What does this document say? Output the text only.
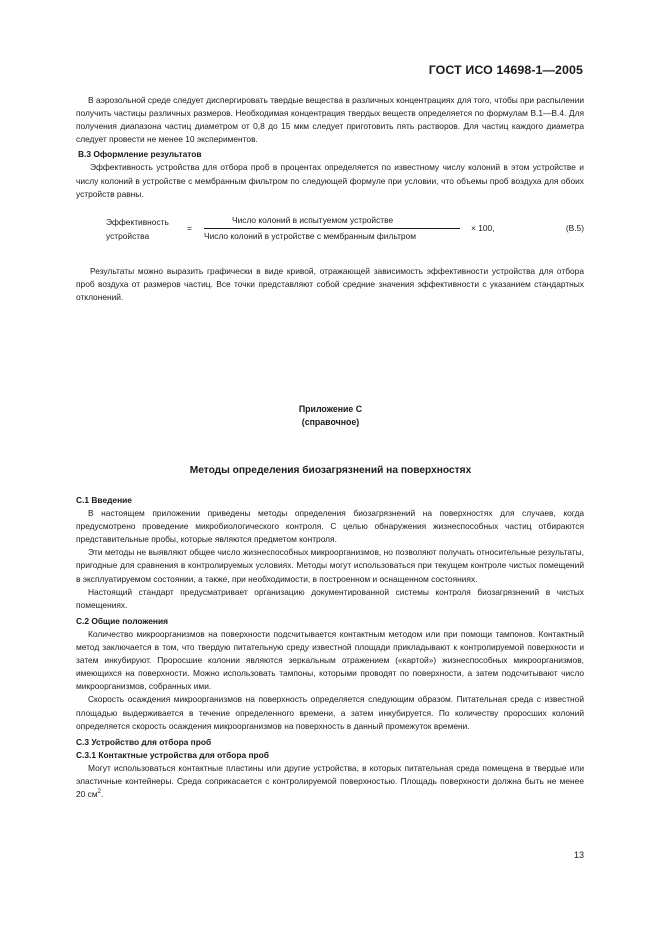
ГОСТ ИСО 14698-1—2005

В аэрозольной среде следует диспергировать твердые вещества в различных концентрациях для того, чтобы при распылении получить частицы различных размеров. Необходимая концентрация твердых веществ определяется по формулам В.1—В.4. Для получения диапазона частиц диаметром от 0,8 до 15 мкм следует приготовить пять растворов. Для частиц каждого диаметра следует провести не менее 10 экспериментов.

В.3 Оформление результатов

Эффективность устройства для отбора проб в процентах определяется по известному числу колоний в этом устройстве и числу колоний в устройстве с мембранным фильтром по следующей формуле при условии, что объемы проб воздуха для обоих устройств равны.

Эффективность
устройства
=
Число колоний в испытуемом устройстве
Число колоний в устройстве с мембранным фильтром
× 100,	(В.5)

Результаты можно выразить графически в виде кривой, отражающей зависимость эффективности устройства для отбора проб воздуха от размеров частиц. Все точки представляют собой средние значения эффективности с указанием стандартных отклонений.

Приложение С
(справочное)
Методы определения биозагрязнений на поверхностях

С.1 Введение

В настоящем приложении приведены методы определения биозагрязнений на поверхностях для случаев, когда предусмотрено проведение микробиологического контроля. С целью обнаружения жизнеспособных частиц отбираются представительные пробы, которые являются предметом контроля.

Эти методы не выявляют общее число жизнеспособных микроорганизмов, но позволяют получать относительные результаты, пригодные для сравнения в контролируемых условиях. Методы могут использоваться при текущем контроле чистых помещений в эксплуатируемом состоянии, а также, при необходимости, в построенном и оснащенном состояниях.

Настоящий стандарт предусматривает организацию документированной системы контроля биозагрязнений в чистых помещениях.

С.2 Общие положения

Количество микроорганизмов на поверхности подсчитывается контактным методом или при помощи тампонов. Контактный метод заключается в том, что твердую питательную среду известной площади прикладывают к контролируемой поверхности и затем инкубируют. Проросшие колонии являются зеркальным отражением («картой») жизнеспособных микроорганизмов, имеющихся на поверхности. Можно использовать тампоны, которыми проводят по поверхности, а затем подсчитывают число микроорганизмов, собранных ими.

Скорость осаждения микроорганизмов на поверхность определяется следующим образом. Питательная среда с известной площадью выдерживается в течение определенного времени, а затем инкубируется. По количеству проросших колоний определяется скорость осаждения микроорганизмов на поверхность в данный промежуток времени.

С.3 Устройство для отбора проб

С.3.1 Контактные устройства для отбора проб

Могут использоваться контактные пластины или другие устройства, в которых питательная среда помещена в твердые или эластичные контейнеры. Среда соприкасается с контролируемой поверхностью. Площадь поверхности должна быть не менее 20 $см^2$.

13
